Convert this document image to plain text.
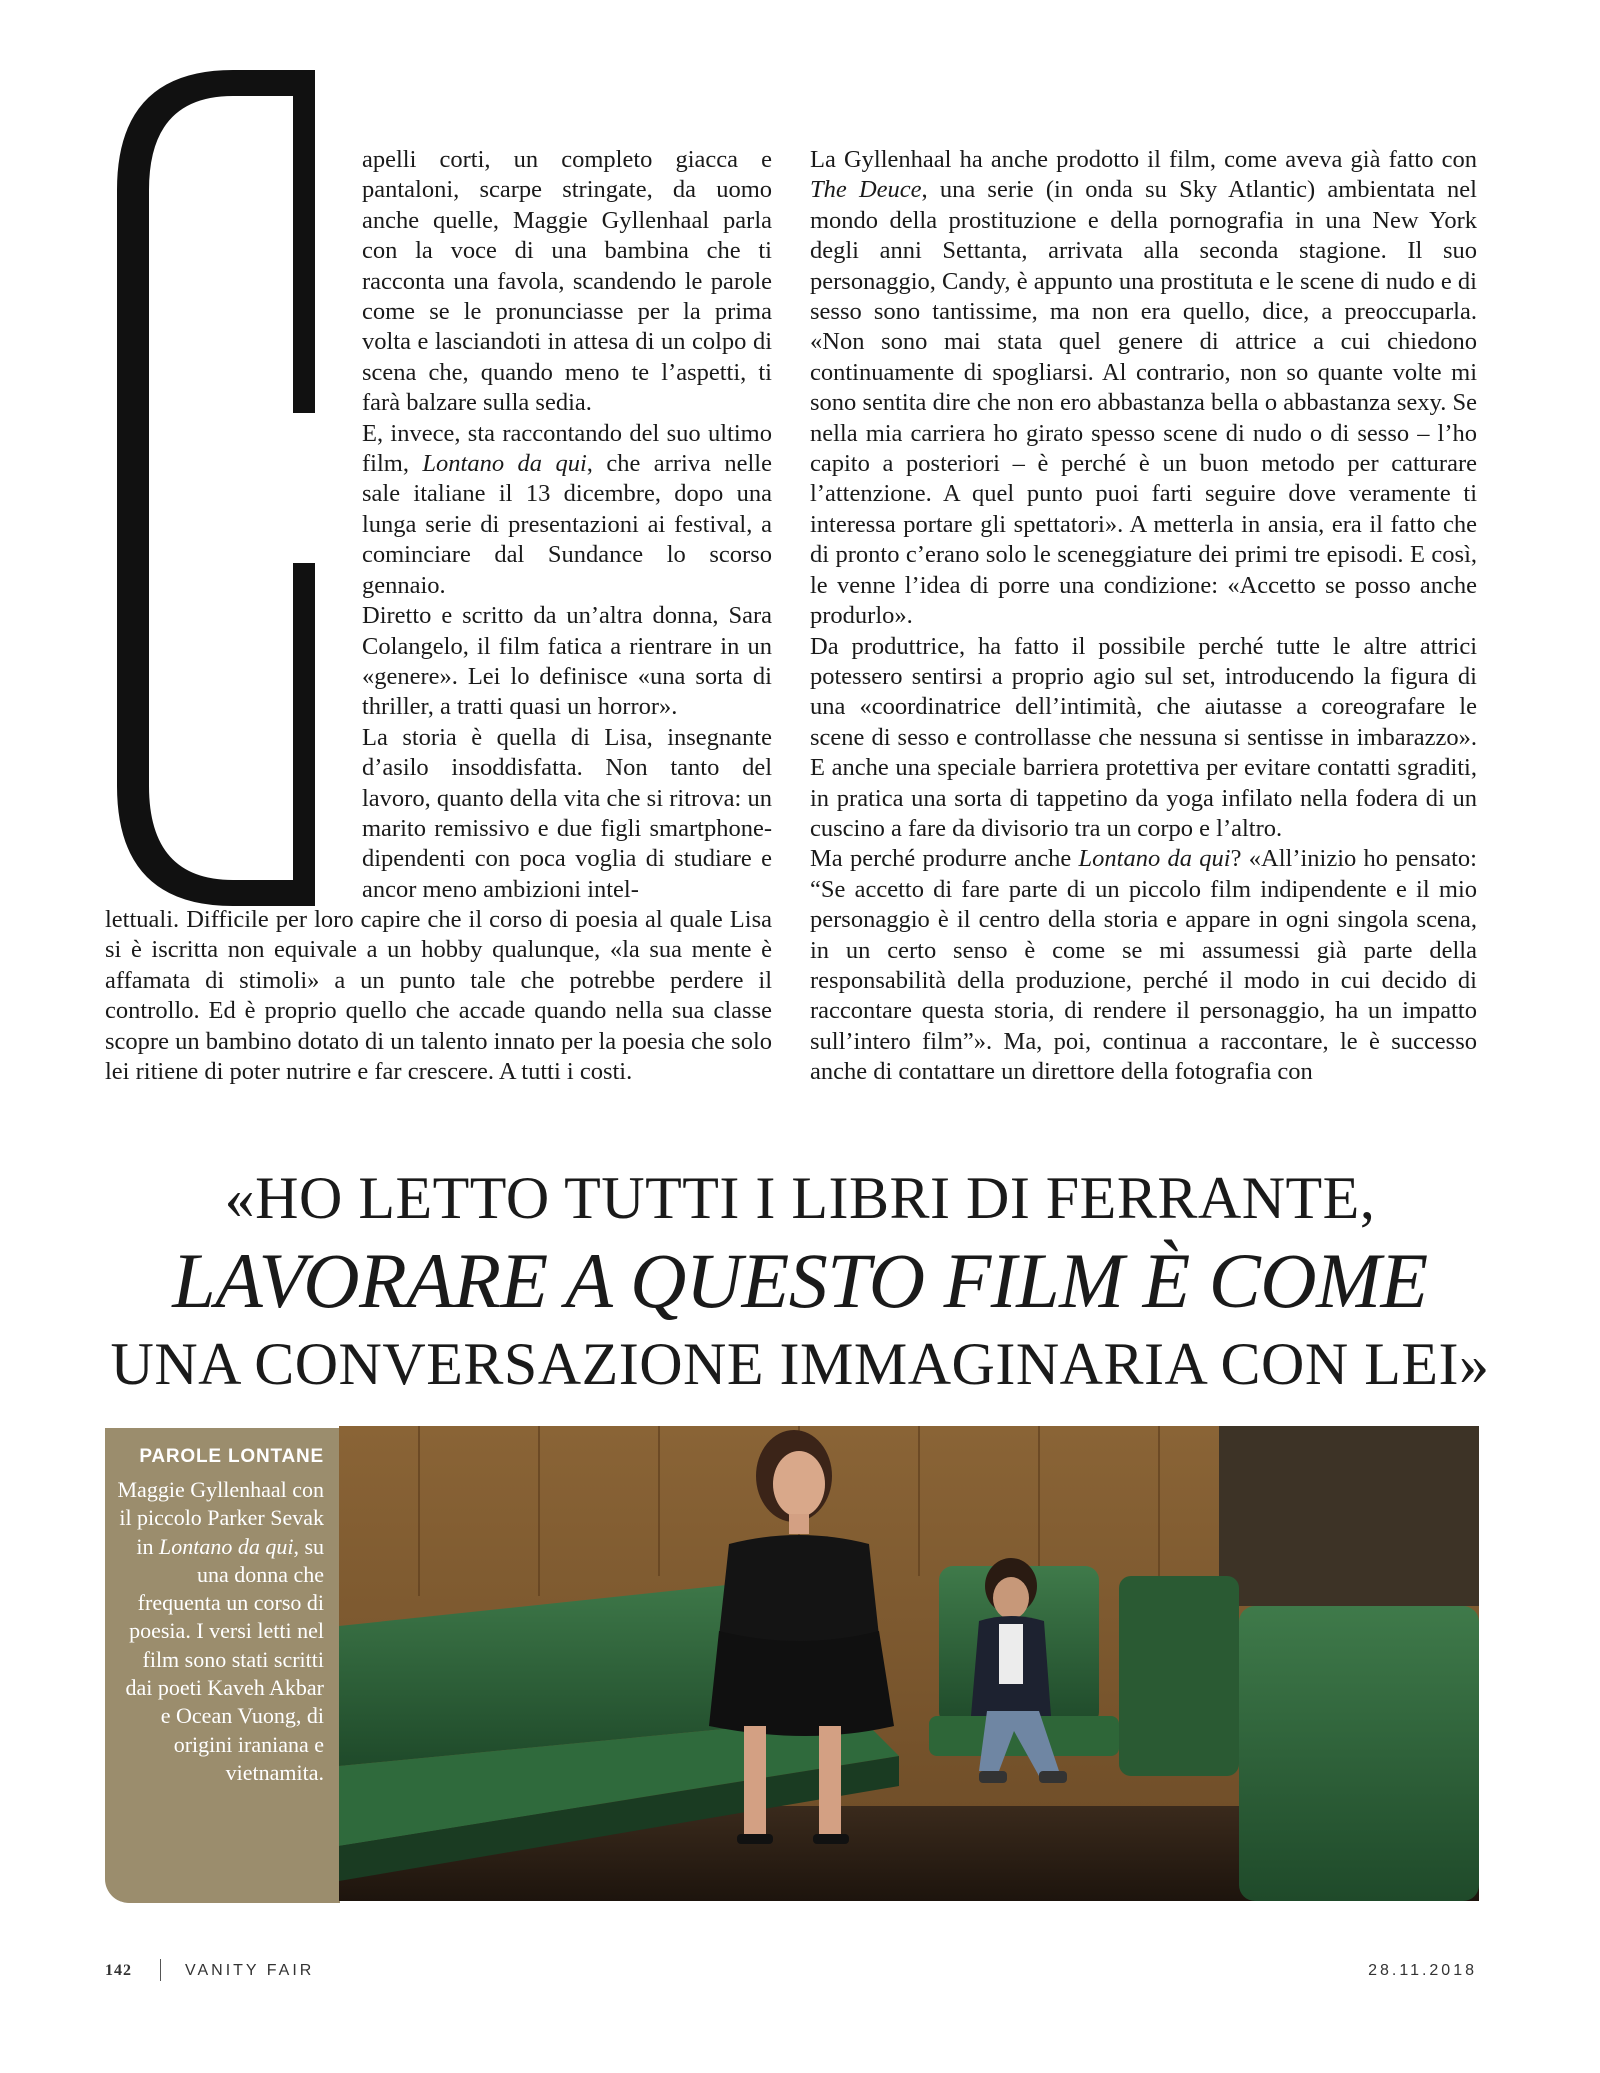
apelli corti, un completo giacca e pantaloni, scarpe stringate, da uomo anche quelle, Maggie Gyllenhaal parla con la voce di una bambina che ti racconta una favola, scandendo le parole come se le pronunciasse per la prima volta e lasciandoti in attesa di un colpo di scena che, quando meno te l’aspetti, ti farà balzare sulla sedia.
E, invece, sta raccontando del suo ultimo film, Lontano da qui, che arriva nelle sale italiane il 13 dicembre, dopo una lunga serie di presentazioni ai festival, a cominciare dal Sundance lo scorso gennaio.
Diretto e scritto da un’altra donna, Sara Colangelo, il film fatica a rientrare in un «genere». Lei lo definisce «una sorta di thriller, a tratti quasi un horror».
La storia è quella di Lisa, insegnante d’asilo insoddisfatta. Non tanto del lavoro, quanto della vita che si ritrova: un marito remissivo e due figli smartphone-dipendenti con poca voglia di studiare e ancor meno ambizioni intel-
lettuali. Difficile per loro capire che il corso di poesia al quale Lisa si è iscritta non equivale a un hobby qualunque, «la sua mente è affamata di stimoli» a un punto tale che potrebbe perdere il controllo. Ed è proprio quello che accade quando nella sua classe scopre un bambino dotato di un talento innato per la poesia che solo lei ritiene di poter nutrire e far crescere. A tutti i costi.
La Gyllenhaal ha anche prodotto il film, come aveva già fatto con The Deuce, una serie (in onda su Sky Atlantic) ambientata nel mondo della prostituzione e della pornografia in una New York degli anni Settanta, arrivata alla seconda stagione. Il suo personaggio, Candy, è appunto una prostituta e le scene di nudo e di sesso sono tantissime, ma non era quello, dice, a preoccuparla. «Non sono mai stata quel genere di attrice a cui chiedono continuamente di spogliarsi. Al contrario, non so quante volte mi sono sentita dire che non ero abbastanza bella o abbastanza sexy. Se nella mia carriera ho girato spesso scene di nudo o di sesso – l’ho capito a posteriori – è perché è un buon metodo per catturare l’attenzione. A quel punto puoi farti seguire dove veramente ti interessa portare gli spettatori». A metterla in ansia, era il fatto che di pronto c’erano solo le sceneggiature dei primi tre episodi. E così, le venne l’idea di porre una condizione: «Accetto se posso anche produrlo».
Da produttrice, ha fatto il possibile perché tutte le altre attrici potessero sentirsi a proprio agio sul set, introducendo la figura di una «coordinatrice dell’intimità, che aiutasse a coreografare le scene di sesso e controllasse che nessuna si sentisse in imbarazzo». E anche una speciale barriera protettiva per evitare contatti sgraditi, in pratica una sorta di tappetino da yoga infilato nella fodera di un cuscino a fare da divisorio tra un corpo e l’altro.
Ma perché produrre anche Lontano da qui? «All’inizio ho pensato: “Se accetto di fare parte di un piccolo film indipendente e il mio personaggio è il centro della storia e appare in ogni singola scena, in un certo senso è come se mi assumessi già parte della responsabilità della produzione, perché il modo in cui decido di raccontare questa storia, di rendere il personaggio, ha un impatto sull’intero film”». Ma, poi, continua a raccontare, le è successo anche di contattare un direttore della fotografia con
«HO LETTO TUTTI I LIBRI DI FERRANTE,
LAVORARE A QUESTO FILM È COME
UNA CONVERSAZIONE IMMAGINARIA CON LEI»
PAROLE LONTANE
Maggie Gyllenhaal con il piccolo Parker Sevak in Lontano da qui, su una donna che frequenta un corso di poesia. I versi letti nel film sono stati scritti dai poeti Kaveh Akbar e Ocean Vuong, di origini iraniana e vietnamita.
142	VANITY FAIR	28.11.2018
